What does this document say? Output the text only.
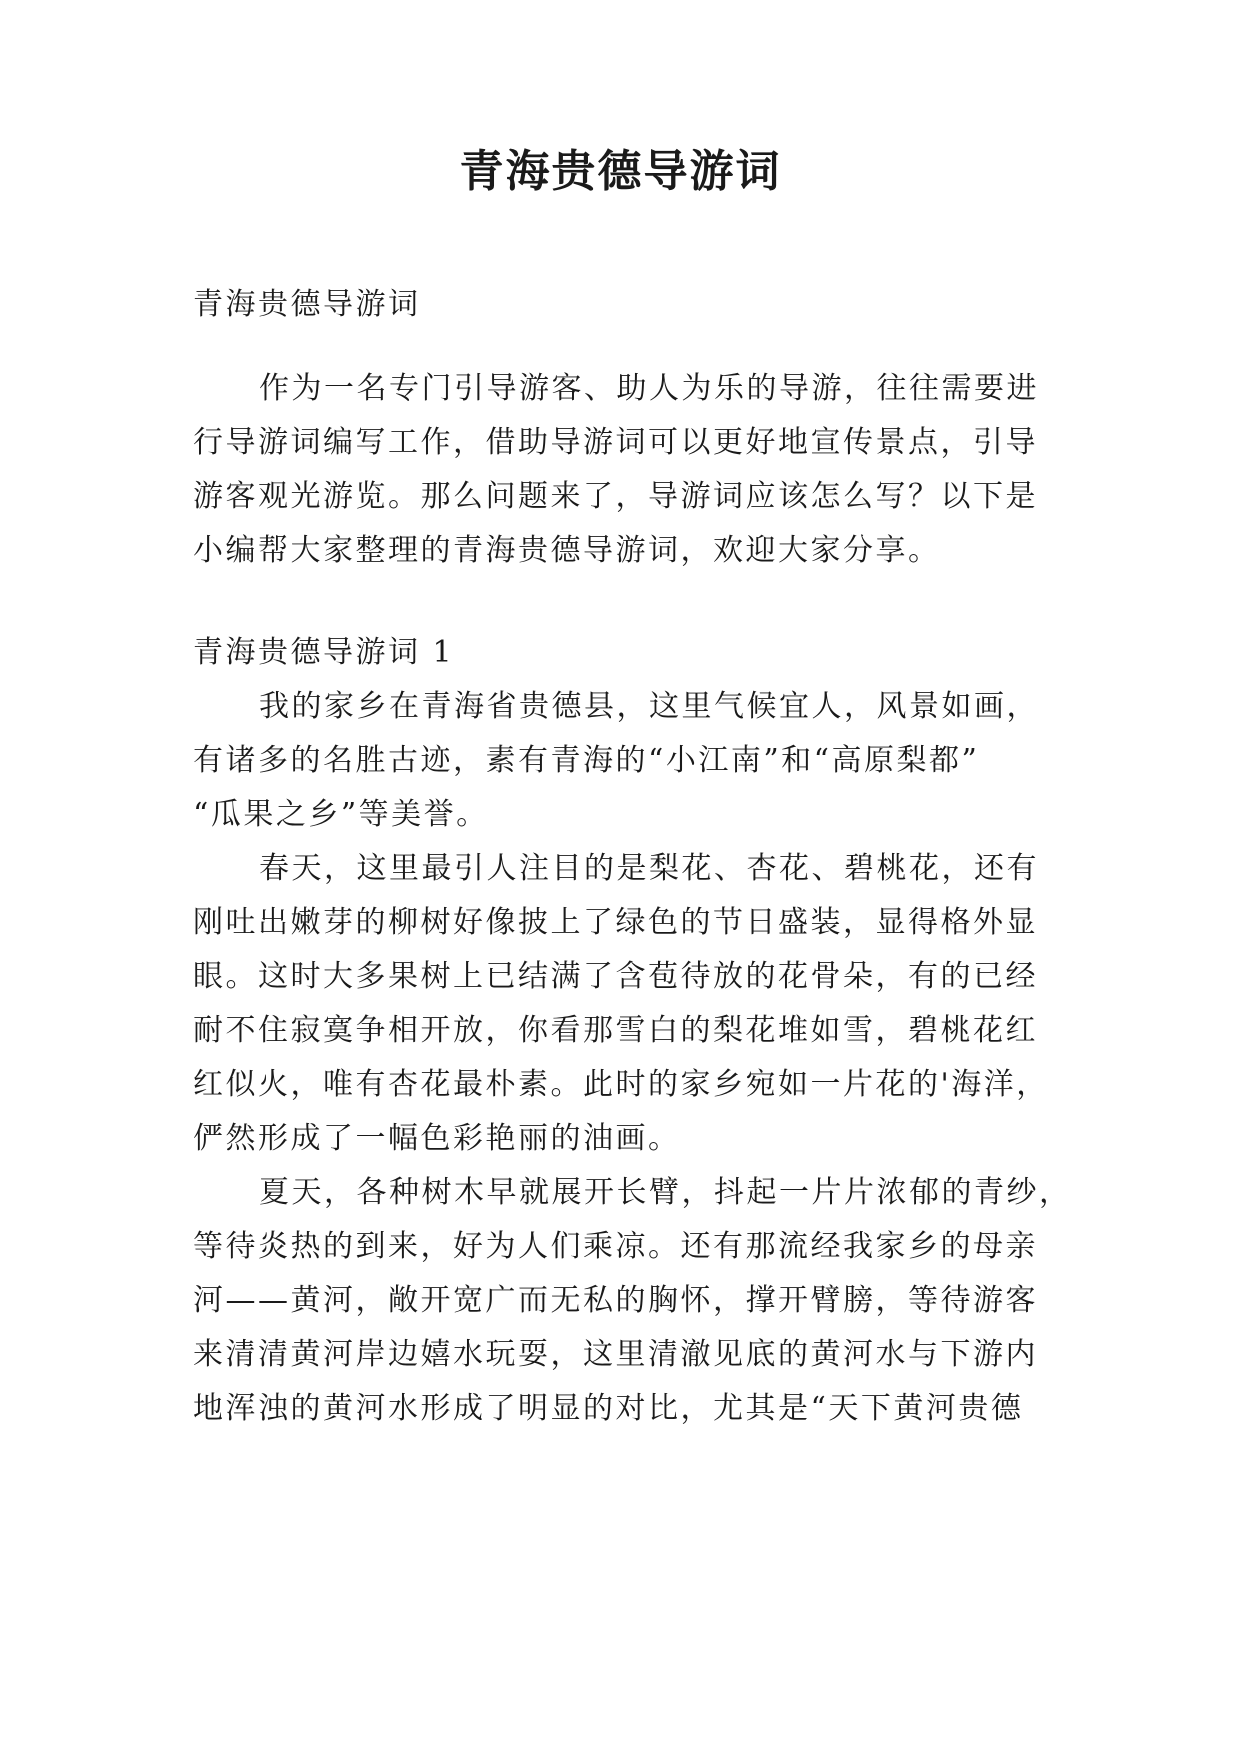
青海贵德导游词
青海贵德导游词
作为一名专门引导游客、助人为乐的导游，往往需要进
行导游词编写工作，借助导游词可以更好地宣传景点，引导
游客观光游览。那么问题来了，导游词应该怎么写？以下是
小编帮大家整理的青海贵德导游词，欢迎大家分享。
青海贵德导游词 1
我的家乡在青海省贵德县，这里气候宜人，风景如画，
有诸多的名胜古迹，素有青海的“小江南”和“高原梨都”
“瓜果之乡”等美誉。
春天，这里最引人注目的是梨花、杏花、碧桃花，还有
刚吐出嫩芽的柳树好像披上了绿色的节日盛装，显得格外显
眼。这时大多果树上已结满了含苞待放的花骨朵，有的已经
耐不住寂寞争相开放，你看那雪白的梨花堆如雪，碧桃花红
红似火，唯有杏花最朴素。此时的家乡宛如一片花的'海洋，
俨然形成了一幅色彩艳丽的油画。
夏天，各种树木早就展开长臂，抖起一片片浓郁的青纱，
等待炎热的到来，好为人们乘凉。还有那流经我家乡的母亲
河——黄河，敞开宽广而无私的胸怀，撑开臂膀，等待游客
来清清黄河岸边嬉水玩耍，这里清澈见底的黄河水与下游内
地浑浊的黄河水形成了明显的对比，尤其是“天下黄河贵德
